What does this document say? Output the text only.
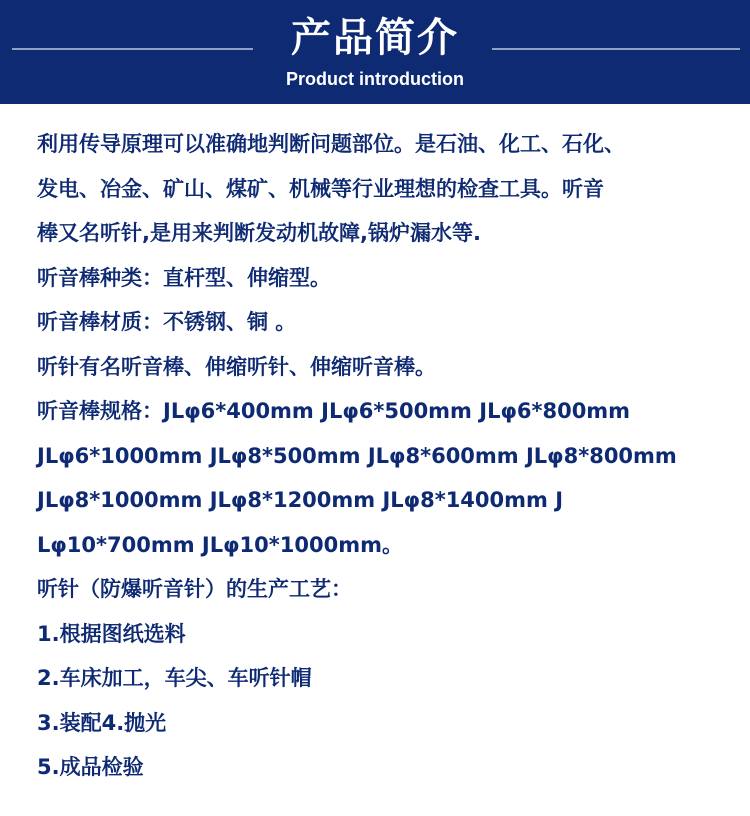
产品简介
Product introduction
利用传导原理可以准确地判断问题部位。是石油、化工、石化、
发电、冶金、矿山、煤矿、机械等行业理想的检查工具。听音
棒又名听针,是用来判断发动机故障,锅炉漏水等.
听音棒种类：直杆型、伸缩型。
听音棒材质：不锈钢、铜 。
听针有名听音棒、伸缩听针、伸缩听音棒。
听音棒规格：JLφ6*400mm JLφ6*500mm JLφ6*800mm
JLφ6*1000mm JLφ8*500mm JLφ8*600mm JLφ8*800mm
JLφ8*1000mm JLφ8*1200mm JLφ8*1400mm J
Lφ10*700mm JLφ10*1000mm。
听针（防爆听音针）的生产工艺：
1.根据图纸选料
2.车床加工，车尖、车听针帽
3.装配4.抛光
5.成品检验
